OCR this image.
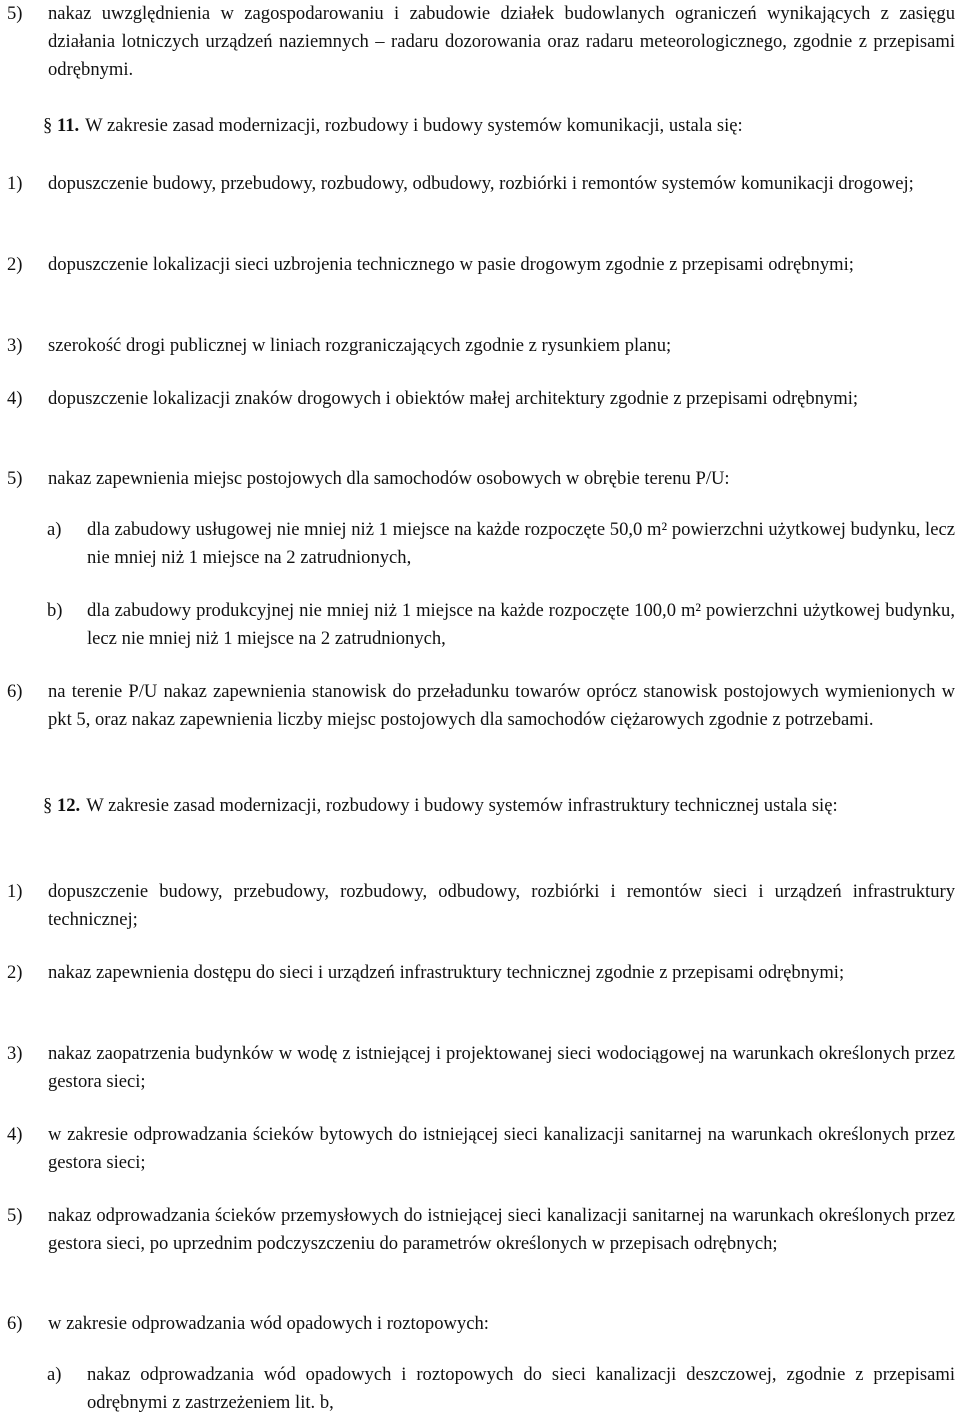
5)	nakaz uwzględnienia w zagospodarowaniu i zabudowie działek budowlanych ograniczeń wynikających z zasięgu działania lotniczych urządzeń naziemnych – radaru dozorowania oraz radaru meteorologicznego, zgodnie z przepisami odrębnymi.
§ 11. W zakresie zasad modernizacji, rozbudowy i budowy systemów komunikacji, ustala się:
1)	dopuszczenie budowy, przebudowy, rozbudowy, odbudowy, rozbiórki i remontów systemów komunikacji drogowej;
2)	dopuszczenie lokalizacji sieci uzbrojenia technicznego w pasie drogowym zgodnie z przepisami odrębnymi;
3)	szerokość drogi publicznej w liniach rozgraniczających zgodnie z rysunkiem planu;
4)	dopuszczenie lokalizacji znaków drogowych i obiektów małej architektury zgodnie z przepisami odrębnymi;
5)	nakaz zapewnienia miejsc postojowych dla samochodów osobowych w obrębie terenu P/U:
a)	dla zabudowy usługowej nie mniej niż 1 miejsce na każde rozpoczęte 50,0 m² powierzchni użytkowej budynku, lecz nie mniej niż 1 miejsce na 2 zatrudnionych,
b)	dla zabudowy produkcyjnej nie mniej niż 1 miejsce na każde rozpoczęte 100,0 m² powierzchni użytkowej budynku, lecz nie mniej niż 1 miejsce na 2 zatrudnionych,
6)	na terenie P/U nakaz zapewnienia stanowisk do przeładunku towarów oprócz stanowisk postojowych wymienionych w pkt 5, oraz nakaz zapewnienia liczby miejsc postojowych dla samochodów ciężarowych zgodnie z potrzebami.
§ 12. W zakresie zasad modernizacji, rozbudowy i budowy systemów infrastruktury technicznej ustala się:
1)	dopuszczenie budowy, przebudowy, rozbudowy, odbudowy, rozbiórki i remontów sieci i urządzeń infrastruktury technicznej;
2)	nakaz zapewnienia dostępu do sieci i urządzeń infrastruktury technicznej zgodnie z przepisami odrębnymi;
3)	nakaz zaopatrzenia budynków w wodę z istniejącej i projektowanej sieci wodociągowej na warunkach określonych przez gestora sieci;
4)	w zakresie odprowadzania ścieków bytowych do istniejącej sieci kanalizacji sanitarnej na warunkach określonych przez gestora sieci;
5)	nakaz odprowadzania ścieków przemysłowych do istniejącej sieci kanalizacji sanitarnej na warunkach określonych przez gestora sieci, po uprzednim podczyszczeniu do parametrów określonych w przepisach odrębnych;
6)	w zakresie odprowadzania wód opadowych i roztopowych:
a)	nakaz odprowadzania wód opadowych i roztopowych do sieci kanalizacji deszczowej, zgodnie z przepisami odrębnymi z zastrzeżeniem lit. b,
